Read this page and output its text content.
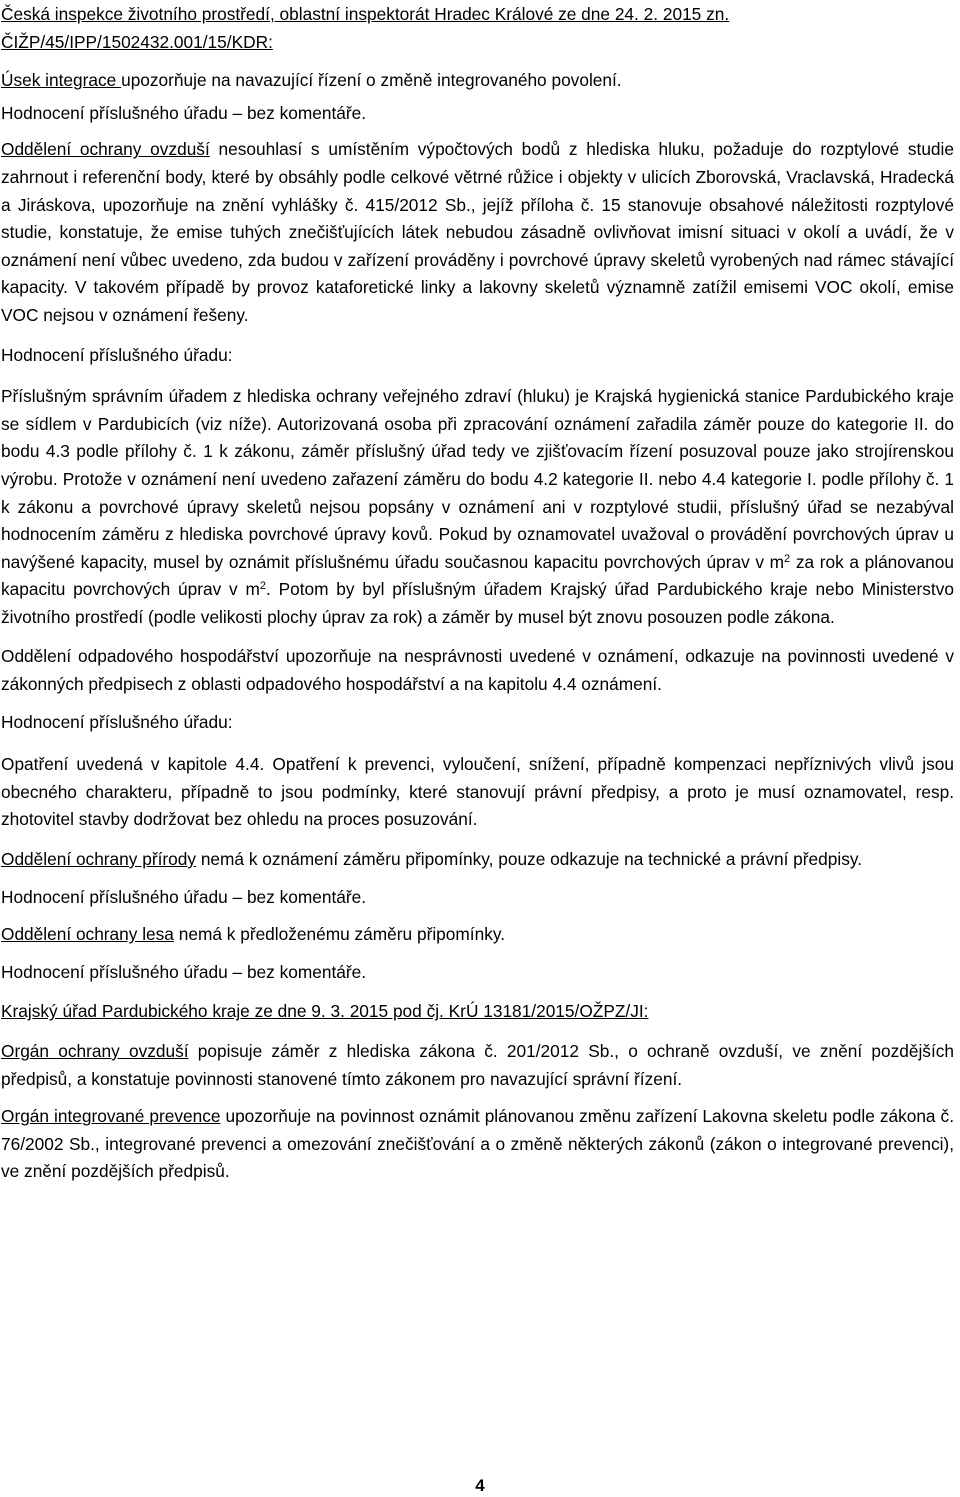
Česká inspekce životního prostředí, oblastní inspektorát Hradec Králové ze dne 24. 2. 2015 zn.
ČIŽP/45/IPP/1502432.001/15/KDR:

Úsek integrace upozorňuje na navazující řízení o změně integrovaného povolení.

Hodnocení příslušného úřadu – bez komentáře.

Oddělení ochrany ovzduší nesouhlasí s umístěním výpočtových bodů z hlediska hluku, požaduje do rozptylové studie zahrnout i referenční body, které by obsáhly podle celkové větrné růžice i objekty v ulicích Zborovská, Vraclavská, Hradecká a Jiráskova, upozorňuje na znění vyhlášky č. 415/2012 Sb., jejíž příloha č. 15 stanovuje obsahové náležitosti rozptylové studie, konstatuje, že emise tuhých znečišťujících látek nebudou zásadně ovlivňovat imisní situaci v okolí a uvádí, že v oznámení není vůbec uvedeno, zda budou v zařízení prováděny i povrchové úpravy skeletů vyrobených nad rámec stávající kapacity. V takovém případě by provoz kataforetické linky a lakovny skeletů významně zatížil emisemi VOC okolí, emise VOC nejsou v oznámení řešeny.

Hodnocení příslušného úřadu:

Příslušným správním úřadem z hlediska ochrany veřejného zdraví (hluku) je Krajská hygienická stanice Pardubického kraje se sídlem v Pardubicích (viz níže). Autorizovaná osoba při zpracování oznámení zařadila záměr pouze do kategorie II. do bodu 4.3 podle přílohy č. 1 k zákonu, záměr příslušný úřad tedy ve zjišťovacím řízení posuzoval pouze jako strojírenskou výrobu. Protože v oznámení není uvedeno zařazení záměru do bodu 4.2 kategorie II. nebo 4.4 kategorie I. podle přílohy č. 1 k zákonu a povrchové úpravy skeletů nejsou popsány v oznámení ani v rozptylové studii, příslušný úřad se nezabýval hodnocením záměru z hlediska povrchové úpravy kovů. Pokud by oznamovatel uvažoval o provádění povrchových úprav u navýšené kapacity, musel by oznámit příslušnému úřadu současnou kapacitu povrchových úprav v $m^2$ za rok a plánovanou kapacitu povrchových úprav v $m^2$. Potom by byl příslušným úřadem Krajský úřad Pardubického kraje nebo Ministerstvo životního prostředí (podle velikosti plochy úprav za rok) a záměr by musel být znovu posouzen podle zákona.

Oddělení odpadového hospodářství upozorňuje na nesprávnosti uvedené v oznámení, odkazuje na povinnosti uvedené v zákonných předpisech z oblasti odpadového hospodářství a na kapitolu 4.4 oznámení.

Hodnocení příslušného úřadu:

Opatření uvedená v kapitole 4.4. Opatření k prevenci, vyloučení, snížení, případně kompenzaci nepříznivých vlivů jsou obecného charakteru, případně to jsou podmínky, které stanovují právní předpisy, a proto je musí oznamovatel, resp. zhotovitel stavby dodržovat bez ohledu na proces posuzování.

Oddělení ochrany přírody nemá k oznámení záměru připomínky, pouze odkazuje na technické a právní předpisy.

Hodnocení příslušného úřadu – bez komentáře.

Oddělení ochrany lesa nemá k předloženému záměru připomínky.

Hodnocení příslušného úřadu – bez komentáře.

Krajský úřad Pardubického kraje ze dne 9. 3. 2015 pod čj. KrÚ 13181/2015/OŽPZ/JI:

Orgán ochrany ovzduší popisuje záměr z hlediska zákona č. 201/2012 Sb., o ochraně ovzduší, ve znění pozdějších předpisů, a konstatuje povinnosti stanovené tímto zákonem pro navazující správní řízení.

Orgán integrované prevence upozorňuje na povinnost oznámit plánovanou změnu zařízení Lakovna skeletu podle zákona č. 76/2002 Sb., integrované prevenci a omezování znečišťování a o změně některých zákonů (zákon o integrované prevenci), ve znění pozdějších předpisů.

4
